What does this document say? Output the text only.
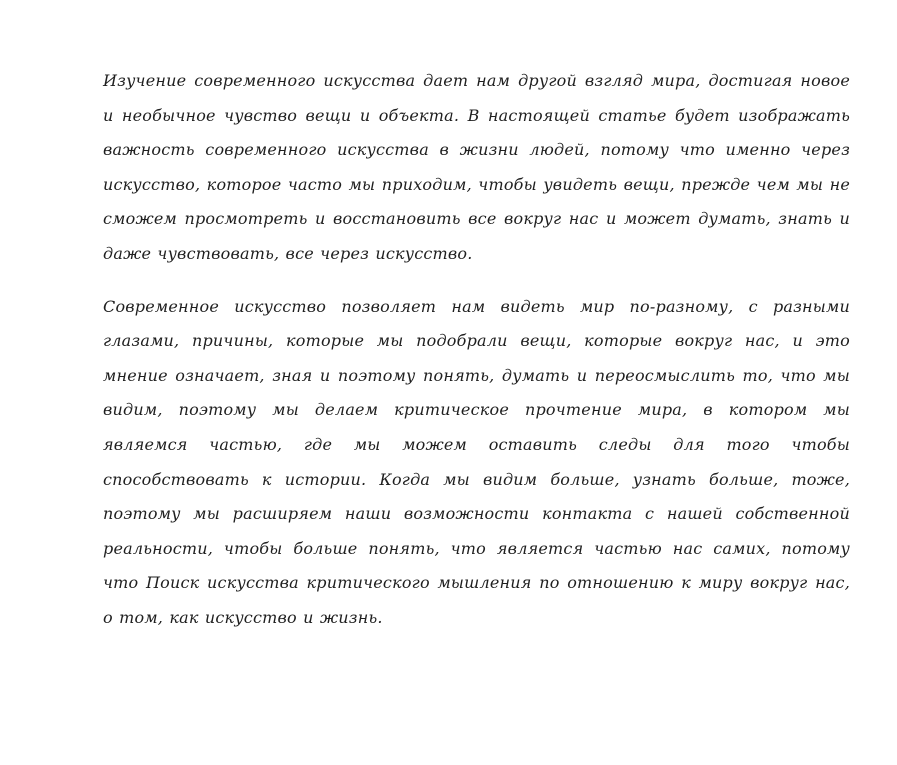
Изучение современного искусства дает нам другой взгляд мира, достигая новое и необычное чувство вещи и объекта. В настоящей статье будет изображать важность современного искусства в жизни людей, потому что именно через искусство, которое часто мы приходим, чтобы увидеть вещи, прежде чем мы не сможем просмотреть и восстановить все вокруг нас и может думать, знать и даже чувствовать, все через искусство.

Современное искусство позволяет нам видеть мир по-разному, с разными глазами, причины, которые мы подобрали вещи, которые вокруг нас, и это мнение означает, зная и поэтому понять, думать и переосмыслить то, что мы видим, поэтому мы делаем критическое прочтение мира, в котором мы являемся частью, где мы можем оставить следы для того чтобы способствовать к истории. Когда мы видим больше, узнать больше, тоже, поэтому мы расширяем наши возможности контакта с нашей собственной реальности, чтобы больше понять, что является частью нас самих, потому что Поиск искусства критического мышления по отношению к миру вокруг нас, о том, как искусство и жизнь.
